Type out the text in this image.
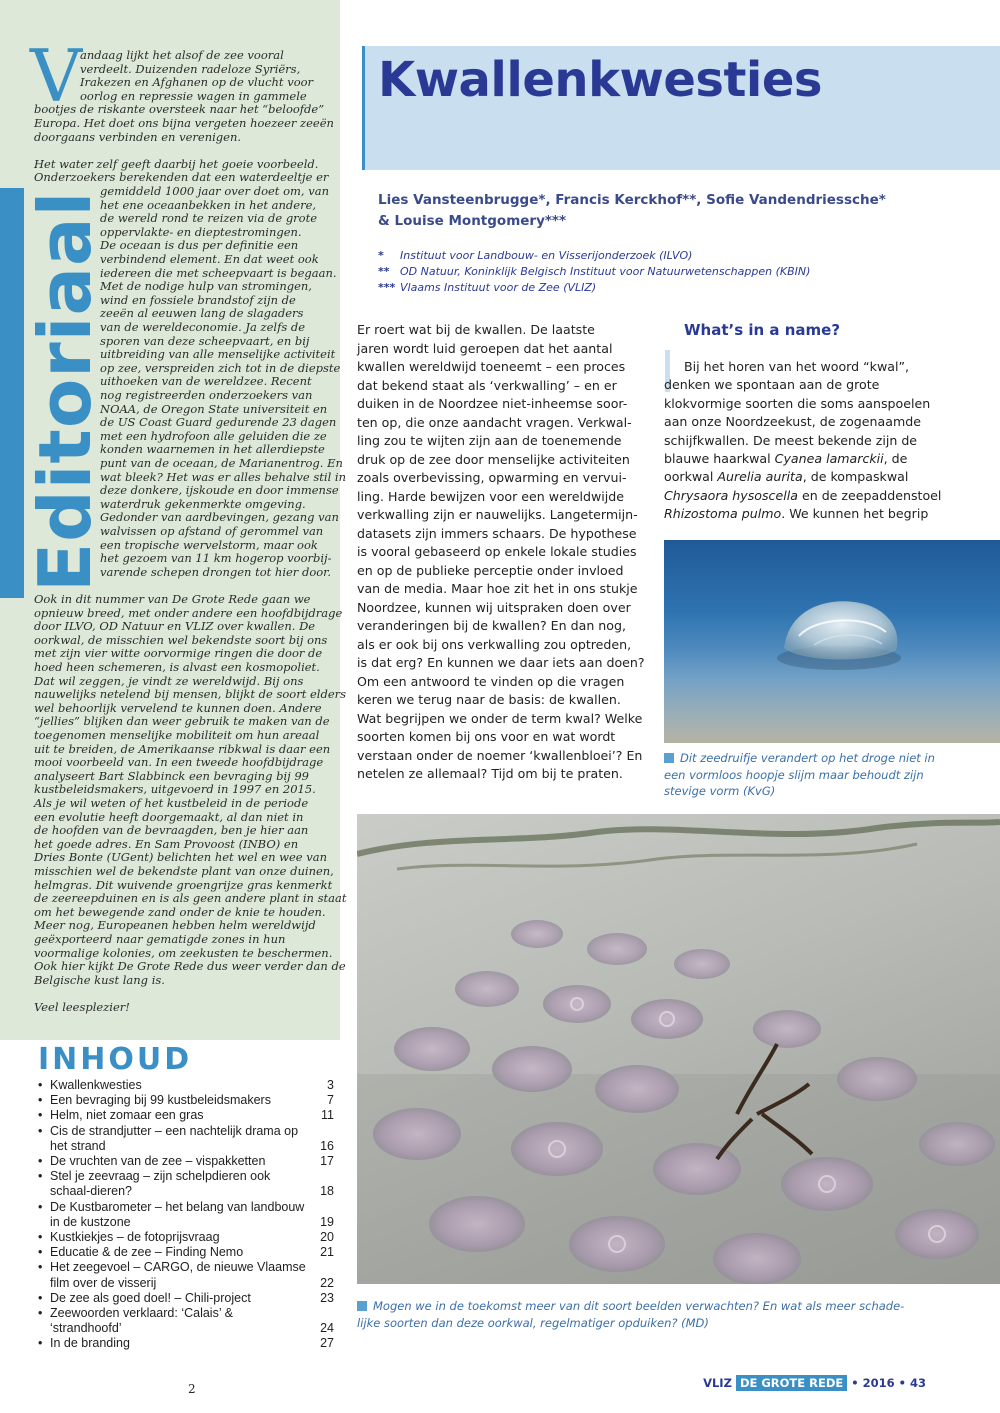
Editoriaal
V
andaag lijkt het alsof de zee vooral
verdeelt. Duizenden radeloze Syriërs,
Irakezen en Afghanen op de vlucht voor
oorlog en repressie wagen in gammele
bootjes de riskante oversteek naar het “beloofde”
Europa. Het doet ons bijna vergeten hoezeer zeeën
doorgaans verbinden en verenigen.
Het water zelf geeft daarbij het goeie voorbeeld.
Onderzoekers berekenden dat een waterdeeltje er
gemiddeld 1000 jaar over doet om, van
het ene oceaanbekken in het andere,
de wereld rond te reizen via de grote
oppervlakte- en dieptestromingen.
De oceaan is dus per definitie een
verbindend element. En dat weet ook
iedereen die met scheepvaart is begaan.
Met de nodige hulp van stromingen,
wind en fossiele brandstof zijn de
zeeën al eeuwen lang de slagaders
van de wereldeconomie. Ja zelfs de
sporen van deze scheepvaart, en bij
uitbreiding van alle menselijke activiteit
op zee, verspreiden zich tot in de diepste
uithoeken van de wereldzee. Recent
nog registreerden onderzoekers van
NOAA, de Oregon State universiteit en
de US Coast Guard gedurende 23 dagen
met een hydrofoon alle geluiden die ze
konden waarnemen in het allerdiepste
punt van de oceaan, de Marianentrog. En
wat bleek? Het was er alles behalve stil in
deze donkere, ijskoude en door immense
waterdruk gekenmerkte omgeving.
Gedonder van aardbevingen, gezang van
walvissen op afstand of gerommel van
een tropische wervelstorm, maar ook
het gezoem van 11 km hogerop voorbij-
varende schepen drongen tot hier door.
Ook in dit nummer van De Grote Rede gaan we
opnieuw breed, met onder andere een hoofdbijdrage
door ILVO, OD Natuur en VLIZ over kwallen. De
oorkwal, de misschien wel bekendste soort bij ons
met zijn vier witte oorvormige ringen die door de
hoed heen schemeren, is alvast een kosmopoliet.
Dat wil zeggen, je vindt ze wereldwijd. Bij ons
nauwelijks netelend bij mensen, blijkt de soort elders
wel behoorlijk vervelend te kunnen doen. Andere
“jellies” blijken dan weer gebruik te maken van de
toegenomen menselijke mobiliteit om hun areaal
uit te breiden, de Amerikaanse ribkwal is daar een
mooi voorbeeld van. In een tweede hoofdbijdrage
analyseert Bart Slabbinck een bevraging bij 99
kustbeleidsmakers, uitgevoerd in 1997 en 2015.
Als je wil weten of het kustbeleid in de periode
een evolutie heeft doorgemaakt, al dan niet in
de hoofden van de bevraagden, ben je hier aan
het goede adres. En Sam Provoost (INBO) en
Dries Bonte (UGent) belichten het wel en wee van
misschien wel de bekendste plant van onze duinen,
helmgras. Dit wuivende groengrijze gras kenmerkt
de zeereepduinen en is als geen andere plant in staat
om het bewegende zand onder de knie te houden.
Meer nog, Europeanen hebben helm wereldwijd
geëxporteerd naar gematigde zones in hun
voormalige kolonies, om zeekusten te beschermen.
Ook hier kijkt De Grote Rede dus weer verder dan de
Belgische kust lang is.
Veel leesplezier!
INHOUD
• Kwallenkwesties	3
• Een bevraging bij 99 kustbeleidsmakers	7
• Helm, niet zomaar een gras	11
• Cis de strandjutter – een nachtelijk drama op het strand	16
• De vruchten van de zee – vispakketten	17
• Stel je zeevraag – zijn schelpdieren ook schaal-dieren?	18
• De Kustbarometer – het belang van landbouw in de kustzone	19
• Kustkiekjes – de fotoprijsvraag	20
• Educatie & de zee – Finding Nemo	21
• Het zeegevoel – CARGO, de nieuwe Vlaamse film over de visserij	22
• De zee als goed doel! – Chili-project	23
• Zeewoorden verklaard: ‘Calais’ & ‘strandhoofd’	24
• In de branding	27
2
Kwallenkwesties
Lies Vansteenbrugge*, Francis Kerckhof**, Sofie Vandendriessche*
& Louise Montgomery***
* Instituut voor Landbouw- en Visserijonderzoek (ILVO)
** OD Natuur, Koninklijk Belgisch Instituut voor Natuurwetenschappen (KBIN)
*** Vlaams Instituut voor de Zee (VLIZ)
Er roert wat bij de kwallen. De laatste
jaren wordt luid geroepen dat het aantal
kwallen wereldwijd toeneemt – een proces
dat bekend staat als ‘verkwalling’ – en er
duiken in de Noordzee niet-inheemse soor-
ten op, die onze aandacht vragen. Verkwal-
ling zou te wijten zijn aan de toenemende
druk op de zee door menselijke activiteiten
zoals overbevissing, opwarming en vervui-
ling. Harde bewijzen voor een wereldwijde
verkwalling zijn er nauwelijks. Langetermijn-
datasets zijn immers schaars. De hypothese
is vooral gebaseerd op enkele lokale studies
en op de publieke perceptie onder invloed
van de media. Maar hoe zit het in ons stukje
Noordzee, kunnen wij uitspraken doen over
veranderingen bij de kwallen? En dan nog,
als er ook bij ons verkwalling zou optreden,
is dat erg? En kunnen we daar iets aan doen?
Om een antwoord te vinden op die vragen
keren we terug naar de basis: de kwallen.
Wat begrijpen we onder de term kwal? Welke
soorten komen bij ons voor en wat wordt
verstaan onder de noemer ‘kwallenbloei’? En
netelen ze allemaal? Tijd om bij te praten.
What’s in a name?
Bij het horen van het woord “kwal”,
denken we spontaan aan de grote
klokvormige soorten die soms aanspoelen
aan onze Noordzeekust, de zogenaamde
schijfkwallen. De meest bekende zijn de
blauwe haarkwal Cyanea lamarckii, de
oorkwal Aurelia aurita, de kompaskwal
Chrysaora hysoscella en de zeepaddenstoel
Rhizostoma pulmo. We kunnen het begrip
Dit zeedruifje verandert op het droge niet in
een vormloos hoopje slijm maar behoudt zijn
stevige vorm (KvG)
Mogen we in de toekomst meer van dit soort beelden verwachten? En wat als meer schade-
lijke soorten dan deze oorkwal, regelmatiger opduiken? (MD)
VLIZ DE GROTE REDE • 2016 • 43
